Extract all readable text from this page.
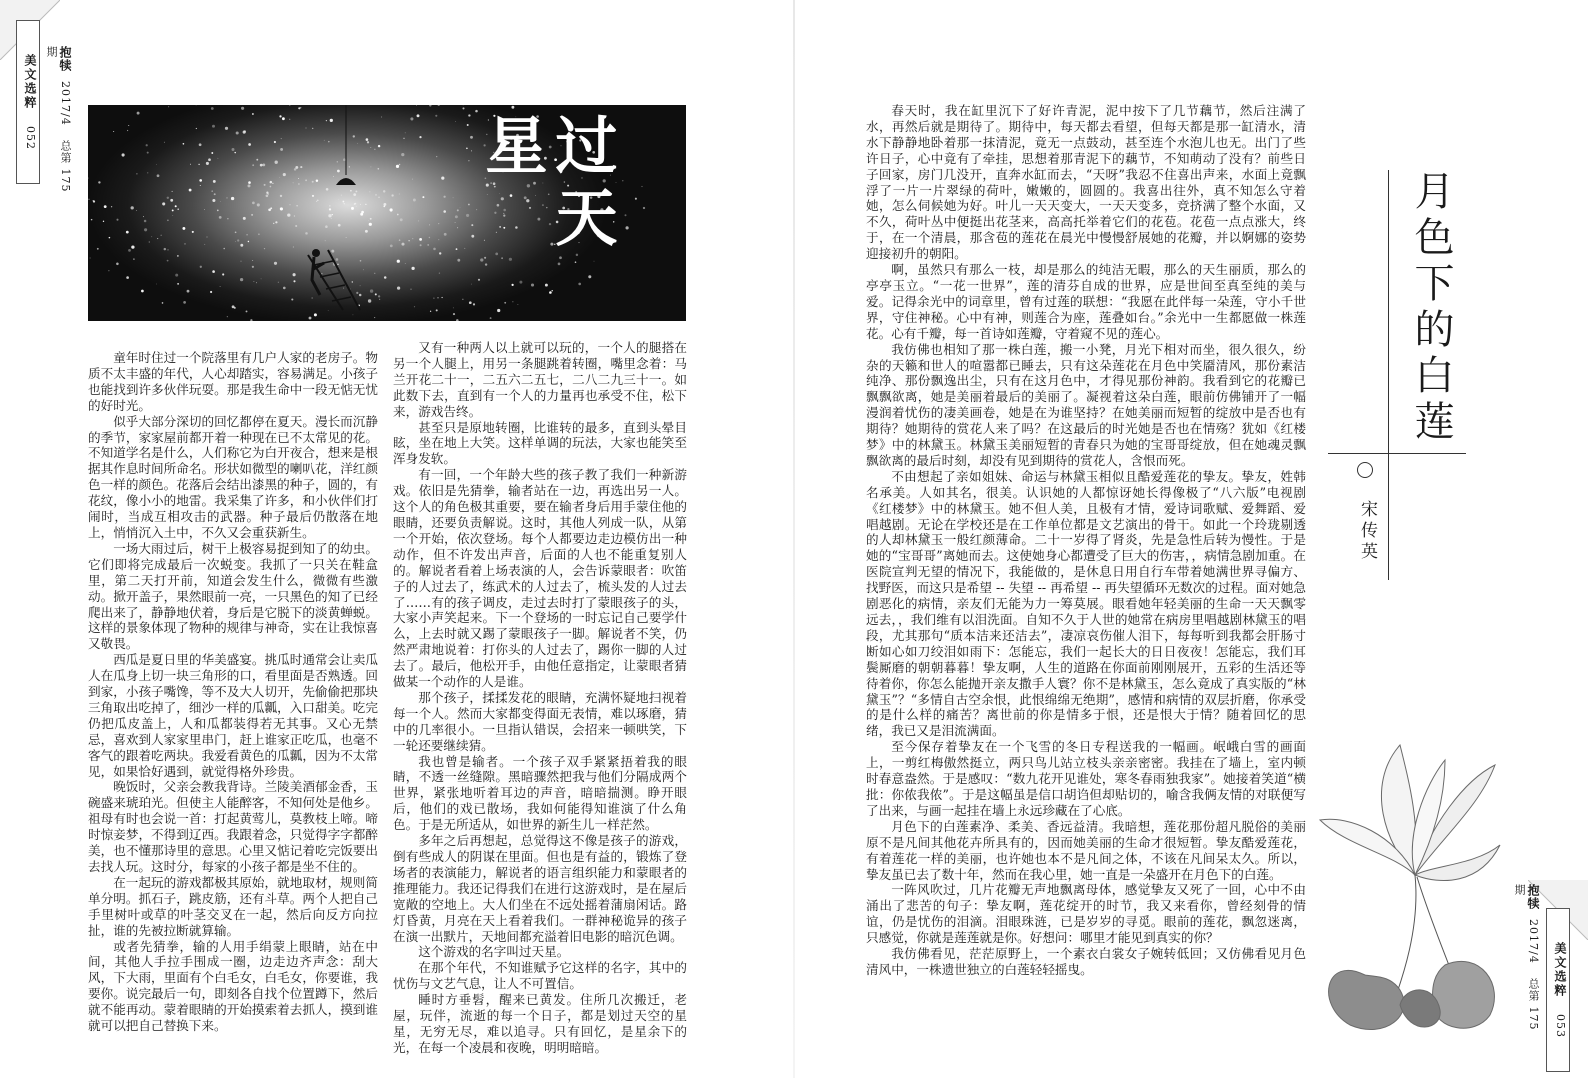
美文选粹 052
抱犊 2017/4 总第 175 期
过天星

童年时住过一个院落里有几户人家的老房子。物质不太丰盛的年代，人心却踏实，容易满足。小孩子也能找到许多伙伴玩耍。那是我生命中一段无惦无忧的好时光。

似乎大部分深切的回忆都停在夏天。漫长而沉静的季节，家家屋前都开着一种现在已不太常见的花。不知道学名是什么，人们称它为白开夜合，想来是根据其作息时间所命名。形状如微型的喇叭花，洋红颜色一样的颜色。花落后会结出漆黑的种子，圆的，有花纹，像小小的地雷。我采集了许多，和小伙伴们打闹时，当成互相攻击的武器。种子最后仍散落在地上，悄悄沉入土中，不久又会重获新生。

一场大雨过后，树干上极容易捉到知了的幼虫。它们即将完成最后一次蜕变。我抓了一只关在鞋盒里，第二天打开前，知道会发生什么，微微有些激动。掀开盖子，果然眼前一亮，一只黑色的知了已经爬出来了，静静地伏着，身后是它脱下的淡黄蝉蜕。这样的景象体现了物种的规律与神奇，实在让我惊喜又敬畏。

西瓜是夏日里的华美盛宴。挑瓜时通常会让卖瓜人在瓜身上切一块三角形的口，看里面是否熟透。回到家，小孩子嘴馋，等不及大人切开，先偷偷把那块三角取出吃掉了，细沙一样的瓜瓤，入口甜美。吃完仍把瓜皮盖上，人和瓜都装得若无其事。又心无禁忌，喜欢到人家家里串门，赶上谁家正吃瓜，也毫不客气的跟着吃两块。我爱看黄色的瓜瓤，因为不太常见，如果恰好遇到，就觉得格外珍贵。

晚饭时，父亲会教我背诗。兰陵美酒郁金香，玉碗盛来琥珀光。但使主人能醉客，不知何处是他乡。祖母有时也会说一首：打起黄莺儿，莫教枝上啼。啼时惊妾梦，不得到辽西。我跟着念，只觉得字字都醉美，也不懂那诗里的意思。心里又惦记着吃完饭要出去找人玩。这时分，每家的小孩子都是坐不住的。

在一起玩的游戏都极其原始，就地取材，规则简单分明。抓石子，跳皮筋，还有斗草。两个人把自己手里树叶或草的叶茎交叉在一起，然后向反方向拉扯，谁的先被拉断就算输。

或者先猜拳，输的人用手绢蒙上眼睛，站在中间，其他人手拉手围成一圈，边走边齐声念：刮大风，下大雨，里面有个白毛女，白毛女，你要谁，我要你。说完最后一句，即刻各自找个位置蹲下，然后就不能再动。蒙着眼睛的开始摸索着去抓人，摸到谁就可以把自己替换下来。

又有一种两人以上就可以玩的，一个人的腿搭在另一个人腿上，用另一条腿跳着转圈，嘴里念着：马兰开花二十一，二五六二五七，二八二九三十一。如此数下去，直到有一个人的力量再也承受不住，松下来，游戏告终。

甚至只是原地转圈，比谁转的最多，直到头晕目眩，坐在地上大笑。这样单调的玩法，大家也能笑至浑身发软。

有一回，一个年龄大些的孩子教了我们一种新游戏。依旧是先猜拳，输者站在一边，再选出另一人。这个人的角色极其重要，要在输者身后用手蒙住他的眼睛，还要负责解说。这时，其他人列成一队，从第一个开始，依次登场。每个人都要边走边模仿出一种动作，但不许发出声音，后面的人也不能重复别人的。解说者看着上场表演的人，会告诉蒙眼者：吹笛子的人过去了，练武术的人过去了，梳头发的人过去了……有的孩子调皮，走过去时打了蒙眼孩子的头，大家小声笑起来。下一个登场的一时忘记自己要学什么，上去时就又踢了蒙眼孩子一脚。解说者不笑，仍然严肃地说着：打你头的人过去了，踢你一脚的人过去了。最后，他松开手，由他任意指定，让蒙眼者猜做某一个动作的人是谁。

那个孩子，揉揉发花的眼睛，充满怀疑地扫视着每一个人。然而大家都变得面无表情，难以琢磨，猜中的几率很小。一旦指认错误，会招来一顿哄笑，下一轮还要继续猜。

我也曾是输者。一个孩子双手紧紧捂着我的眼睛，不透一丝缝隙。黑暗骤然把我与他们分隔成两个世界，紧张地听着耳边的声音，暗暗揣测。睁开眼后，他们的戏已散场，我如何能得知谁演了什么角色。于是无所适从，如世界的新生儿一样茫然。

多年之后再想起，总觉得这不像是孩子的游戏，倒有些成人的阴谋在里面。但也是有益的，锻炼了登场者的表演能力，解说者的语言组织能力和蒙眼者的推理能力。我还记得我们在进行这游戏时，是在屋后宽敞的空地上。大人们坐在不远处摇着蒲扇闲话。路灯昏黄，月亮在天上看着我们。一群神秘诡异的孩子在演一出默片，天地间都充溢着旧电影的暗沉色调。

这个游戏的名字叫过天星。

在那个年代，不知谁赋予它这样的名字，其中的忧伤与文艺气息，让人不可置信。

睡时方垂髫，醒来已黄发。住所几次搬迁，老屋，玩伴，流逝的每一个日子，都是划过天空的星星，无穷无尽，难以追寻。只有回忆，是星余下的光，在每一个凌晨和夜晚，明明暗暗。

春天时，我在缸里沉下了好许青泥，泥中按下了几节藕节，然后注满了水，再然后就是期待了。期待中，每天都去看望，但每天都是那一缸清水，清水下静静地卧着那一抹清泥，竟无一点鼓动，甚至连个水泡儿也无。出门了些许日子，心中竟有了牵挂，思想着那青泥下的藕节，不知萌动了没有？前些日子回家，房门几没开，直奔水缸而去，“天呀”我忍不住喜出声来，水面上竟飘浮了一片一片翠绿的荷叶，嫩嫩的，圆圆的。我喜出往外，真不知怎么守着她，怎么伺候她为好。叶儿一天天变大，一天天变多，竞挤满了整个水面，又不久，荷叶丛中便挺出花茎来，高高托举着它们的花苞。花苞一点点涨大，终于，在一个清晨，那含苞的莲花在晨光中慢慢舒展她的花瓣，并以婀娜的姿势迎接初升的朝阳。

啊，虽然只有那么一枝，却是那么的纯洁无暇，那么的天生丽质，那么的亭亭玉立。“一花一世界”，莲的清芬自成的世界，应是世间至真至纯的美与爱。记得余光中的词章里，曾有过莲的联想：“我愿在此伴每一朵莲，守小千世界，守住神秘。心中有神，则莲合为座，莲叠如台。”余光中一生都愿做一株莲花。心有千瓣，每一首诗如莲瓣，守着窥不见的莲心。

我仿佛也相知了那一株白莲，搬一小凳，月光下相对而坐，很久很久，纷杂的天籁和世人的喧嚣都已睡去，只有这朵莲花在月色中笑靥清风，那份素洁纯净、那份飘逸出尘，只有在这月色中，才得见那份神韵。我看到它的花瓣已飘飘欲离，她是美丽着最后的美丽了。凝视着这朵白莲，眼前仿佛铺开了一幅漫润着忧伤的凄美画卷，她是在为谁坚持？在她美丽而短暂的绽放中是否也有期待？她期待的赏花人来了吗？在这最后的时光她是否也在情殇？犹如《红楼梦》中的林黛玉。林黛玉美丽短暂的青春只为她的宝哥哥绽放，但在她魂灵飘飘欲离的最后时刻，却没有见到期待的赏花人，含恨而死。

不由想起了亲如姐妹、命运与林黛玉相似且酷爱莲花的挚友。挚友，姓韩名承美。人如其名，很美。认识她的人都惊讶她长得像极了“八六版”电视剧《红楼梦》中的林黛玉。她不但人美，且极有才情，爱诗词歌赋、爱舞蹈、爱唱越剧。无论在学校还是在工作单位都是文艺演出的骨干。如此一个玲珑剔透的人却林黛玉一般红颜薄命。二十一岁得了肾炎，先是急性后转为慢性。于是她的“宝哥哥”离她而去。这使她身心都遭受了巨大的伤害，，病情急剧加重。在医院宣判无望的情况下，我能做的，是休息日用自行车带着她满世界寻偏方、找野医，而这只是希望 -- 失望 -- 再希望 -- 再失望循环无数次的过程。面对她急剧恶化的病情，亲友们无能为力一筹莫展。眼看她年轻美丽的生命一天天飘零远去，，我们维有以泪洗面。自知不久于人世的她常在病房里唱越剧林黛玉的唱段，尤其那句“质本洁来还洁去”，凄凉哀伤催人泪下，每每听到我都会肝肠寸断如心如刀绞泪如雨下：怎能忘，我们一起长大的日日夜夜！怎能忘，我们耳鬓厮磨的朝朝暮暮！挚友啊，人生的道路在你面前刚刚展开，五彩的生活还等待着你，你怎么能抛开亲友撒手人寰？你不是林黛玉，怎么竟成了真实版的“林黛玉”？“多情自古空余恨，此恨绵绵无绝期”，感情和病情的双层折磨，你承受的是什么样的痛苦？离世前的你是情多于恨，还是恨大于情？随着回忆的思绪，我已又是泪流满面。

至今保存着挚友在一个飞雪的冬日专程送我的一幅画。岷峨白雪的画面上，一剪红梅傲然挺立，两只鸟儿站立枝头亲亲密密。我挂在了墙上，室内顿时春意盎然。于是感叹：“数九花开见谁处，寒冬春雨独我家”。她接着笑道“横批：你侬我侬”。于是这幅虽是信口胡诌但却贴切的，喻含我俩友情的对联便写了出来，与画一起挂在墙上永远珍藏在了心底。

月色下的白莲素净、柔美、香远益清。我暗想，莲花那份超凡脱俗的美丽原不是凡间其他花卉所具有的，因而她美丽的生命才很短暂。挚友酷爱莲花，有着莲花一样的美丽，也许她也本不是凡间之体，不该在凡间呆太久。所以，挚友虽已去了数十年，然而在我心里，她一直是一朵盛开在月色下的白莲。

一阵风吹过，几片花瓣无声地飘离母体，感觉挚友又死了一回，心中不由涌出了悲苦的句子：挚友啊，莲花绽开的时节，我又来看你，曾经刻骨的情谊，仍是忧伤的泪滴。泪眼珠涟，已是岁岁的寻觅。眼前的莲花，飘忽迷离，只感觉，你就是莲莲就是你。好想问：哪里才能见到真实的你？

我仿佛看见，茫茫原野上，一个素衣白裳女子婉转低回；又仿佛看见月色清风中，一株遗世独立的白莲轻轻摇曳。

月色下的白莲
宋传英
抱犊 2017/4 总第 175 期
美文选粹 053
